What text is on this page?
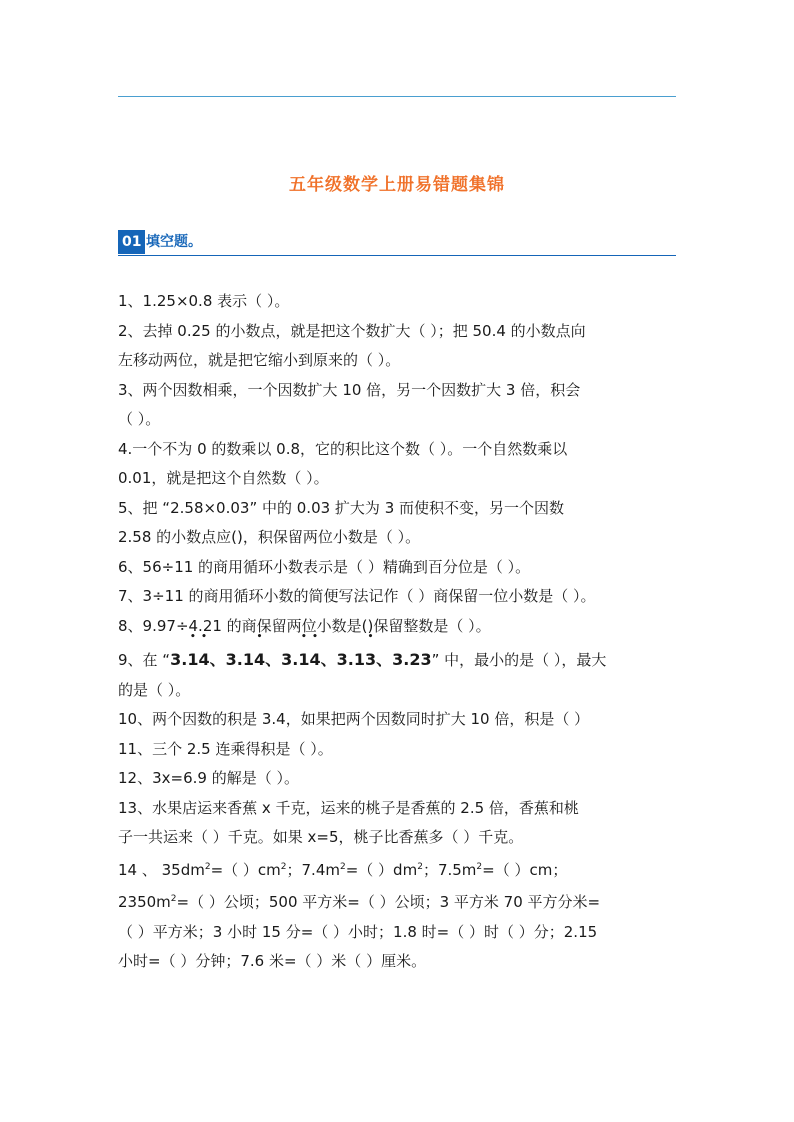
五年级数学上册易错题集锦
01 填空题。

1、1.25×0.8 表示（ ）。

2、去掉 0.25 的小数点，就是把这个数扩大（ ）；把 50.4 的小数点向

左移动两位，就是把它缩小到原来的（ ）。

3、两个因数相乘，一个因数扩大 10 倍，另一个因数扩大 3 倍，积会

（ ）。

4.一个不为 0 的数乘以 0.8，它的积比这个数（ ）。一个自然数乘以

0.01，就是把这个自然数（ ）。

5、把 “2.58×0.03” 中的 0.03 扩大为 3 而使积不变，另一个因数

2.58 的小数点应()，积保留两位小数是（ ）。

6、56÷11 的商用循环小数表示是（ ）精确到百分位是（ ）。

7、3÷11 的商用循环小数的简便写法记作（ ）商保留一位小数是（ ）。

8、9.97÷4.21 的商保留两位小数是()保留整数是（ ）。

9、在 “3.• 1• 4、3.1• 4、3.• 1• 4、3.1• 3、3.23” 中，最小的是（ ），最大

的是（ ）。

10、两个因数的积是 3.4，如果把两个因数同时扩大 10 倍，积是（ ）

11、三个 2.5 连乘得积是（ ）。

12、3x=6.9 的解是（ ）。

13、水果店运来香蕉 x 千克，运来的桃子是香蕉的 2.5 倍，香蕉和桃

子一共运来（ ）千克。如果 x=5，桃子比香蕉多（ ）千克。

14 、 $35dm^2=$（ ）$cm^2$；$7.4m^2=$（ ）$dm^2$；$7.5m^2=$（ ）cm；

$2350m^2=$（ ）公顷；500 平方米=（ ）公顷；3 平方米 70 平方分米=

（ ）平方米；3 小时 15 分=（ ）小时；1.8 时=（ ）时（ ）分；2.15

小时=（ ）分钟；7.6 米=（ ）米（ ）厘米。
